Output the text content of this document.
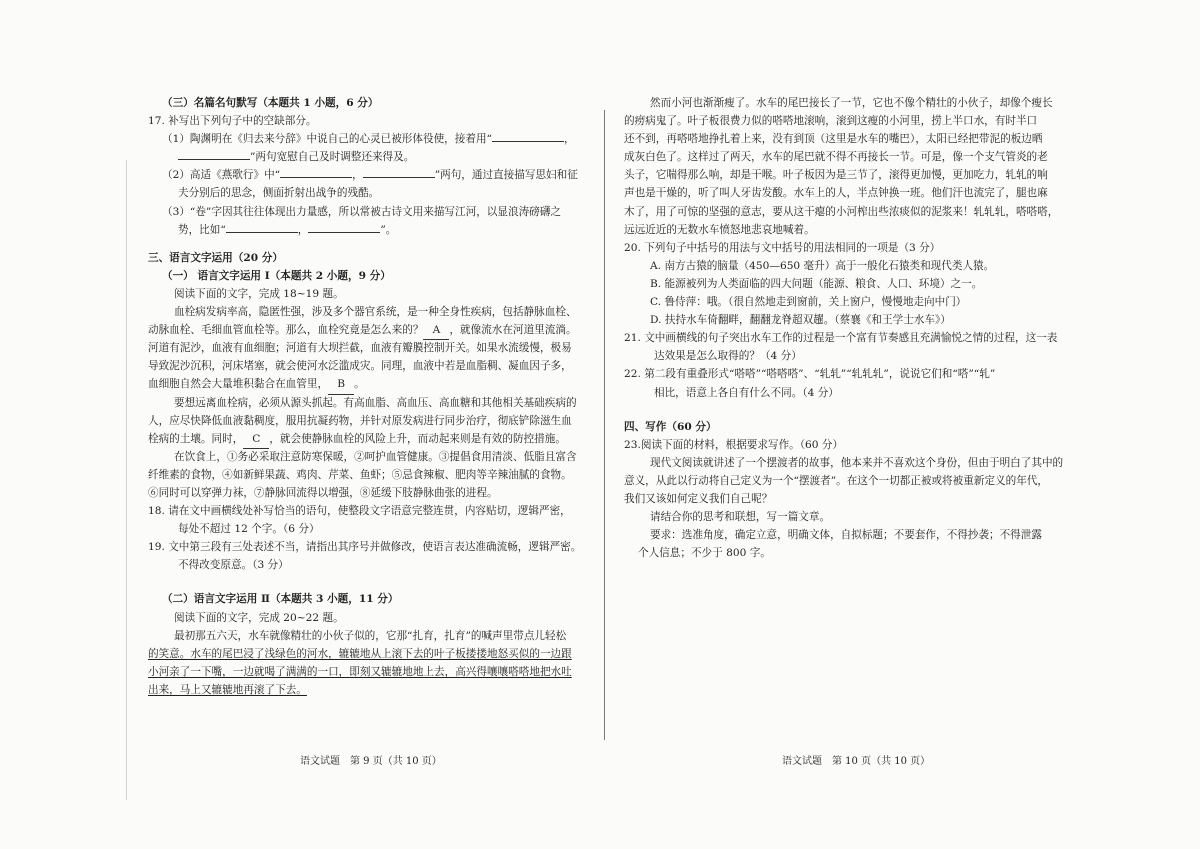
（三）名篇名句默写（本题共 1 小题，6 分）
17. 补写出下列句子中的空缺部分。
（1）陶渊明在《归去来兮辞》中说自己的心灵已被形体役使，接着用“	，
”两句宽慰自己及时调整还来得及。
（2）高适《燕歌行》中“	，	”两句，通过直接描写思妇和征
夫分别后的思念，侧面折射出战争的残酷。
（3）“卷”字因其往往体现出力量感，所以常被古诗文用来描写江河，以显浪涛磅礴之
势，比如“	，	”。
三、语言文字运用（20 分）
（一） 语言文字运用 Ⅰ（本题共 2 小题，9 分）
阅读下面的文字，完成 18~19 题。
血栓病发病率高，隐匿性强，涉及多个器官系统，是一种全身性疾病，包括静脉血栓、
动脉血栓、毛细血管血栓等。那么，血栓究竟是怎么来的？ A ，就像流水在河道里流淌。
河道有泥沙，血液有血细胞；河道有大坝拦截，血液有瓣膜控制开关。如果水流缓慢，极易
导致泥沙沉积，河床堵塞，就会使河水泛滥成灾。同理，血液中若是血脂稠、凝血因子多，
血细胞自然会大量堆积黏合在血管里， B 。
要想远离血栓病，必须从源头抓起。有高血脂、高血压、高血糖和其他相关基础疾病的
人，应尽快降低血液黏稠度，服用抗凝药物，并针对原发病进行同步治疗，彻底铲除滋生血
栓病的土壤。同时， C ，就会使静脉血栓的风险上升，而动起来则是有效的防控措施。
在饮食上，①务必采取注意防寒保暖，②呵护血管健康。③提倡食用清淡、低脂且富含
纤维素的食物，④如新鲜果蔬、鸡肉、芹菜、鱼虾；⑤忌食辣椒、肥肉等辛辣油腻的食物。
⑥同时可以穿弹力袜，⑦静脉回流得以增强，⑧延缓下肢静脉曲张的进程。
18. 请在文中画横线处补写恰当的语句，使整段文字语意完整连贯，内容贴切，逻辑严密，
每处不超过 12 个字。（6 分）
19. 文中第三段有三处表述不当，请指出其序号并做修改，使语言表达准确流畅，逻辑严密。
不得改变原意。（3 分）
（二）语言文字运用 Ⅱ（本题共 3 小题，11 分）
阅读下面的文字，完成 20~22 题。
最初那五六天，水车就像精壮的小伙子似的，它那“扎育，扎育”的喊声里带点儿轻松
的笑意。水车的尾巴浸了浅绿色的河水，辘辘地从上滚下去的叶子板搂搂地怒买似的一边跟
小河亲了一下嘴，一边就喝了满满的一口，即刻又辘辘地地上去，高兴得嚷嚷嗒嗒地把水吐
出来，马上又辘辘地再滚了下去。
然而小河也渐渐瘦了。水车的尾巴接长了一节，它也不像个精壮的小伙子，却像个瘦长
的痨病鬼了。叶子板很费力似的嗒嗒地滚响，滚到这瘦的小河里，捞上半口水，有时半口
还不到，再嗒嗒地挣扎着上来，没有到顶（这里是水车的嘴巴），太阳已经把带泥的板边晒
成灰白色了。这样过了两天，水车的尾巴就不得不再接长一节。可是，像一个支气管炎的老
头子，它喘得那么响，却是干喉。叶子板因为是三节了，滚得更加慢，更加吃力，轧轧的响
声也是干燥的，听了叫人牙齿发酸。水车上的人，半点钟换一班。他们汗也流完了，腿也麻
木了，用了可惊的坚强的意志，要从这干瘪的小河榨出些浓痰似的泥浆来！轧轧轧，嗒嗒嗒，
远远近近的无数水车愤怒地悲哀地喊着。
20. 下列句子中括号的用法与文中括号的用法相同的一项是（3 分）
A. 南方古猿的脑量（450—650 毫升）高于一般化石猿类和现代类人猿。
B. 能源被列为人类面临的四大问题（能源、粮食、人口、环境）之一。
C. 鲁侍萍：哦。（很自然地走到窗前，关上窗户，慢慢地走向中门）
D. 扶持水车倚翻畔，翻翻龙脊超双趯。（蔡襄《和王学士水车》）
21. 文中画横线的句子突出水车工作的过程是一个富有节奏感且充满愉悦之情的过程，这一表
达效果是怎么取得的？（4 分）
22. 第二段有重叠形式“嗒嗒”“嗒嗒嗒”、“轧轧”“轧轧轧”，说说它们和“嗒”“轧”
相比，语意上各自有什么不同。（4 分）
四、写作（60 分）
23.阅读下面的材料，根据要求写作。（60 分）
现代文阅读就讲述了一个摆渡者的故事，他本来并不喜欢这个身份，但由于明白了其中的
意义，从此以行动将自己定义为一个“摆渡者”。在这个一切都正被或将被重新定义的年代，
我们又该如何定义我们自己呢？
请结合你的思考和联想，写一篇文章。
要求：选准角度，确定立意，明确文体，自拟标题；不要套作，不得抄袭；不得泄露
个人信息；不少于 800 字。
语文试题　第 9 页（共 10 页）	语文试题　第 10 页（共 10 页）
